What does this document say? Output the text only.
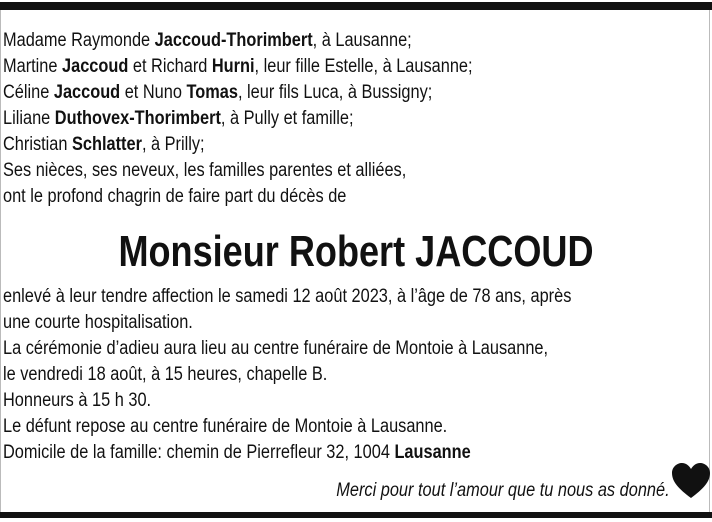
Madame Raymonde Jaccoud-Thorimbert, à Lausanne;
Martine Jaccoud et Richard Hurni, leur fille Estelle, à Lausanne;
Céline Jaccoud et Nuno Tomas, leur fils Luca, à Bussigny;
Liliane Duthovex-Thorimbert, à Pully et famille;
Christian Schlatter, à Prilly;
Ses nièces, ses neveux, les familles parentes et alliées,
ont le profond chagrin de faire part du décès de
Monsieur Robert JACCOUD
enlevé à leur tendre affection le samedi 12 août 2023, à l’âge de 78 ans, après
une courte hospitalisation.
La cérémonie d’adieu aura lieu au centre funéraire de Montoie à Lausanne,
le vendredi 18 août, à 15 heures, chapelle B.
Honneurs à 15 h 30.
Le défunt repose au centre funéraire de Montoie à Lausanne.
Domicile de la famille: chemin de Pierrefleur 32, 1004 Lausanne
Merci pour tout l’amour que tu nous as donné.
